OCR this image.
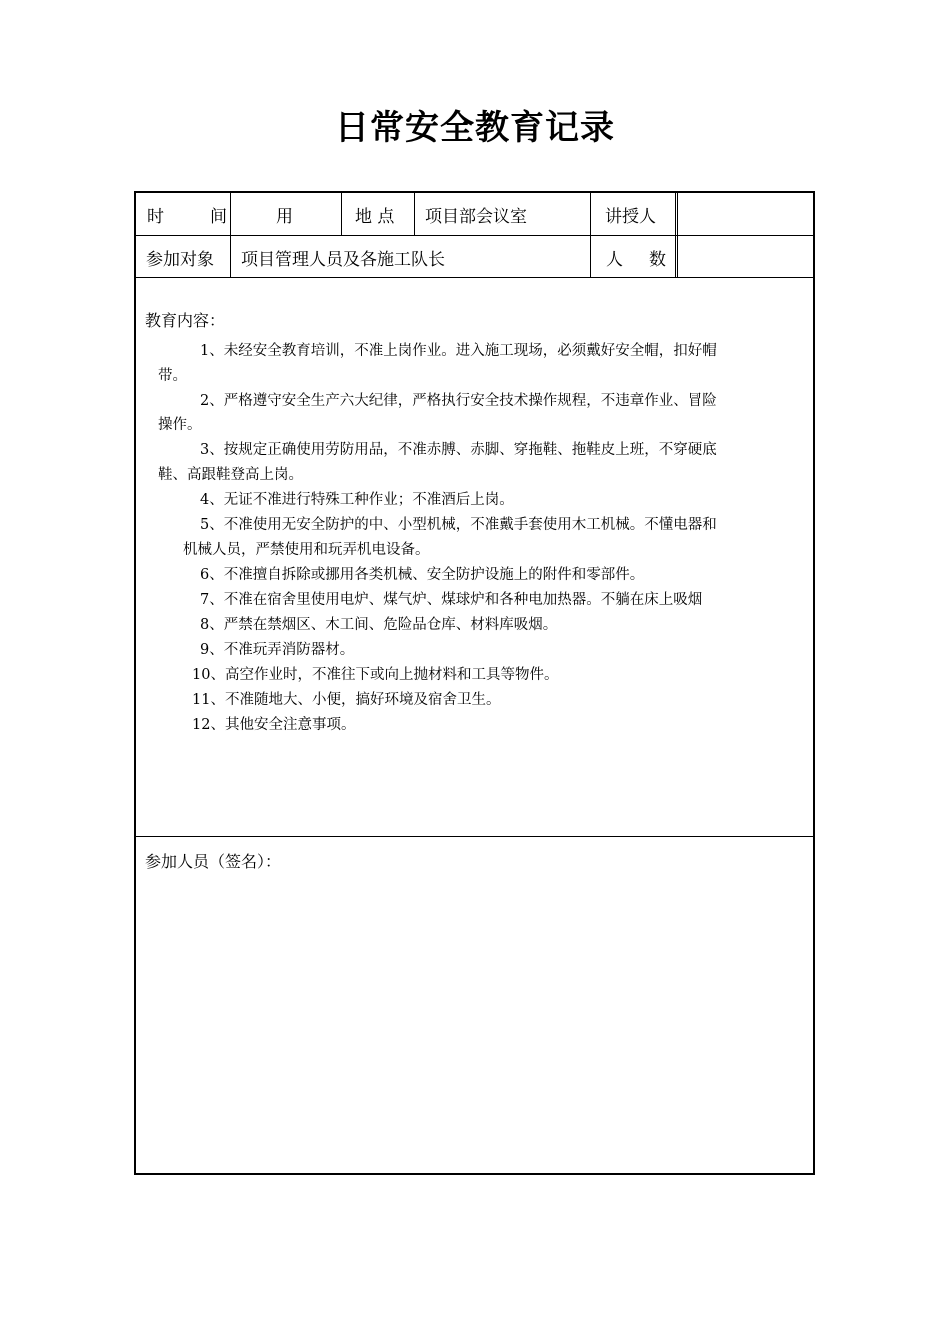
日常安全教育记录
时间 用	地 点 项目部会议室	讲授人
参加对象 项目管理人员及各施工队长	人数
教育内容：
1、未经安全教育培训，不准上岗作业。进入施工现场，必须戴好安全帽，扣好帽
带。
2、严格遵守安全生产六大纪律，严格执行安全技术操作规程，不违章作业、冒险
操作。
3、按规定正确使用劳防用品，不准赤膊、赤脚、穿拖鞋、拖鞋皮上班，不穿硬底
鞋、高跟鞋登高上岗。
4、无证不准进行特殊工种作业；不准酒后上岗。
5、不准使用无安全防护的中、小型机械，不准戴手套使用木工机械。不懂电器和
机械人员，严禁使用和玩弄机电设备。
6、不准擅自拆除或挪用各类机械、安全防护设施上的附件和零部件。
7、不准在宿舍里使用电炉、煤气炉、煤球炉和各种电加热器。不躺在床上吸烟
8、严禁在禁烟区、木工间、危险品仓库、材料库吸烟。
9、不准玩弄消防器材。
10、高空作业时，不准往下或向上抛材料和工具等物件。
11、不准随地大、小便，搞好环境及宿舍卫生。
12、其他安全注意事项。
参加人员（签名）：
